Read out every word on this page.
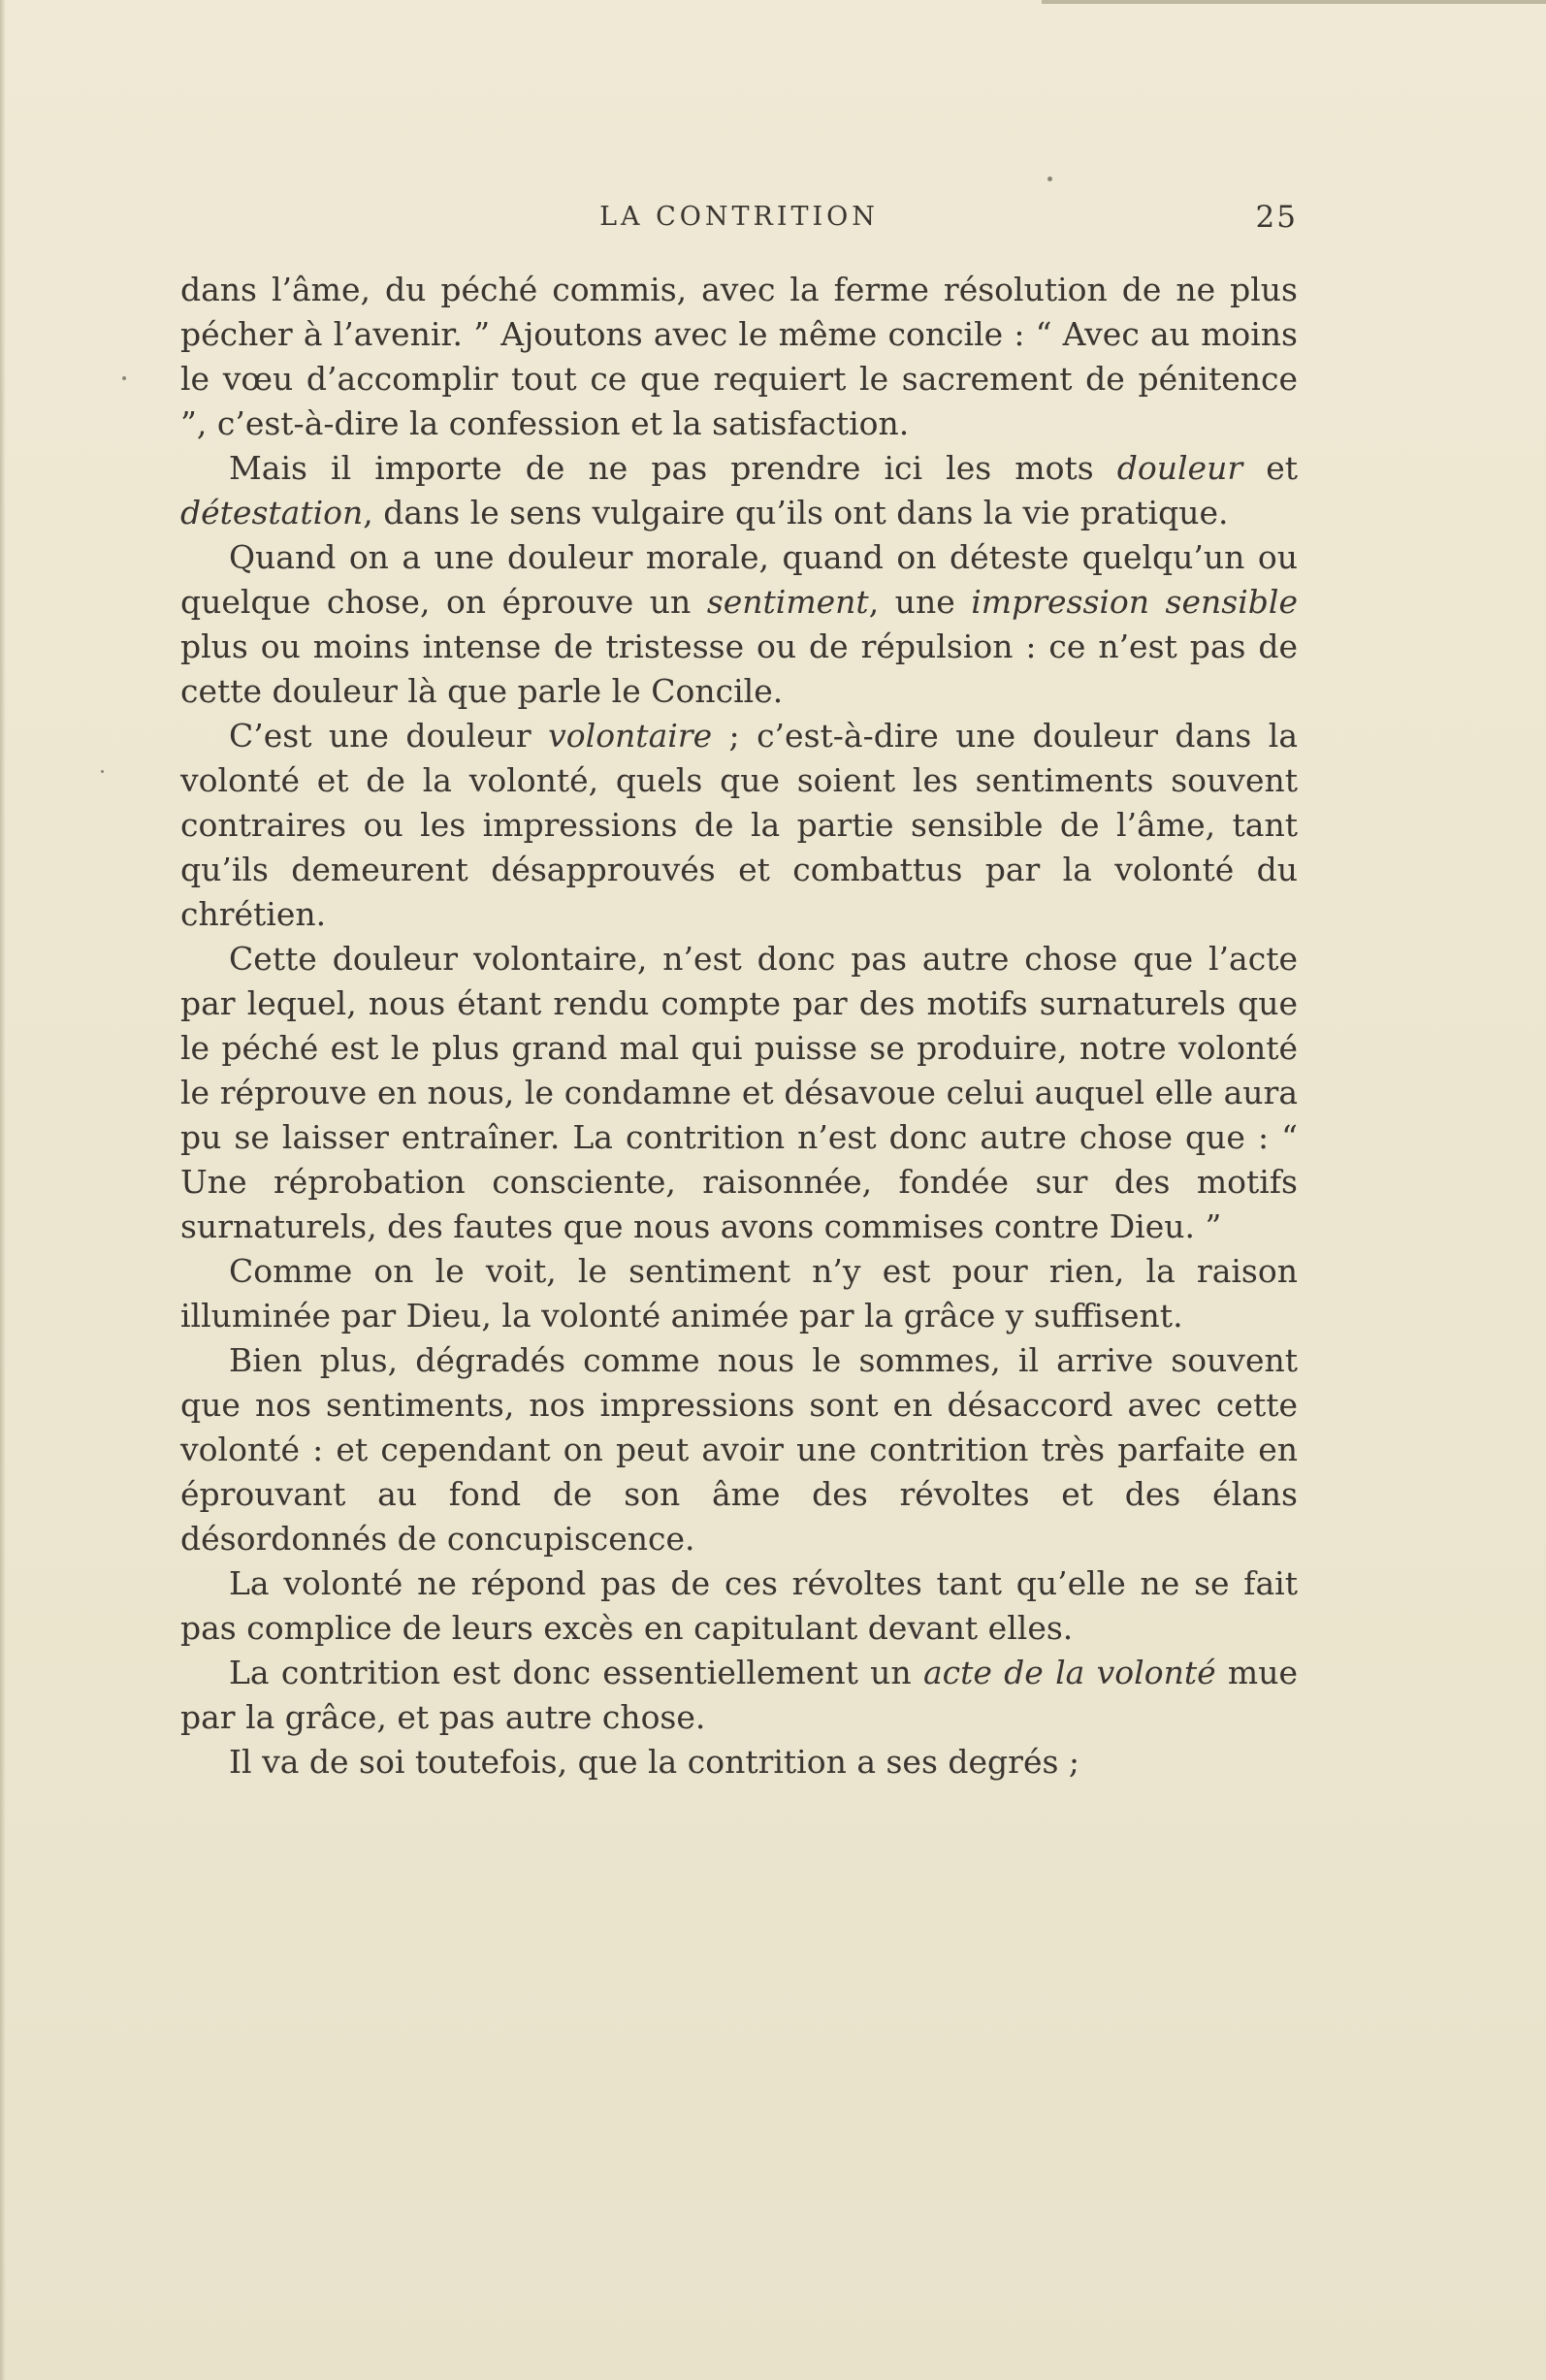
LA CONTRITION	25

dans l’âme, du péché commis, avec la ferme résolution de ne plus pécher à l’avenir. ” Ajoutons avec le même concile : “ Avec au moins le vœu d’accomplir tout ce que requiert le sacrement de pénitence ”, c’est-à-dire la confession et la satisfaction.

Mais il importe de ne pas prendre ici les mots douleur et détestation, dans le sens vulgaire qu’ils ont dans la vie pratique.

Quand on a une douleur morale, quand on déteste quelqu’un ou quelque chose, on éprouve un sentiment, une impression sensible plus ou moins intense de tristesse ou de répulsion : ce n’est pas de cette douleur là que parle le Concile.

C’est une douleur volontaire ; c’est-à-dire une douleur dans la volonté et de la volonté, quels que soient les sentiments souvent contraires ou les impressions de la partie sensible de l’âme, tant qu’ils demeurent désapprouvés et combattus par la volonté du chrétien.

Cette douleur volontaire, n’est donc pas autre chose que l’acte par lequel, nous étant rendu compte par des motifs surnaturels que le péché est le plus grand mal qui puisse se produire, notre volonté le réprouve en nous, le condamne et désavoue celui auquel elle aura pu se laisser entraîner. La contrition n’est donc autre chose que : “ Une réprobation consciente, raisonnée, fondée sur des motifs surnaturels, des fautes que nous avons commises contre Dieu. ”

Comme on le voit, le sentiment n’y est pour rien, la raison illuminée par Dieu, la volonté animée par la grâce y suffisent.

Bien plus, dégradés comme nous le sommes, il arrive souvent que nos sentiments, nos impressions sont en désaccord avec cette volonté : et cependant on peut avoir une contrition très parfaite en éprouvant au fond de son âme des révoltes et des élans désordonnés de concupiscence.

La volonté ne répond pas de ces révoltes tant qu’elle ne se fait pas complice de leurs excès en capitulant devant elles.

La contrition est donc essentiellement un acte de la volonté mue par la grâce, et pas autre chose.

Il va de soi toutefois, que la contrition a ses degrés ;
